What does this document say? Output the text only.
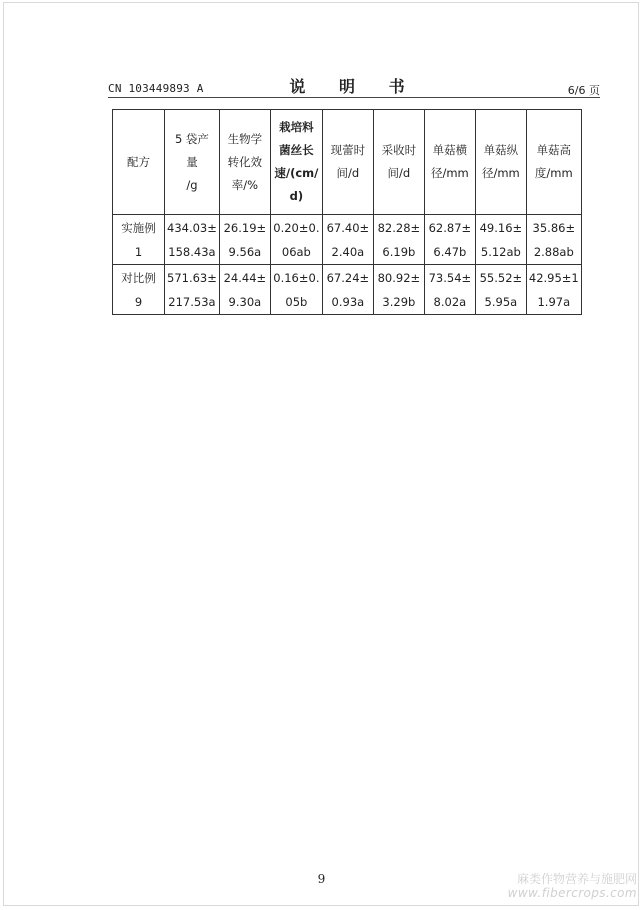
CN 103449893 A	说 明 书	6/6 页
配方	5 袋产
量
/g	生物学
转化效
率/%	栽培料
菌丝长
速/(cm/
d)	现蕾时
间/d	采收时
间/d	单菇横
径/mm	单菇纵
径/mm	单菇高
度/mm

实施例
1	434.03±
158.43a	26.19±
9.56a	0.20±0.
06ab	67.40±
2.40a	82.28±
6.19b	62.87±
6.47b	49.16±
5.12ab	35.86±
2.88ab

对比例
9	571.63±
217.53a	24.44±
9.30a	0.16±0.
05b	67.24±
0.93a	80.92±
3.29b	73.54±
8.02a	55.52±
5.95a	42.95±1
1.97a
9	麻类作物营养与施肥网
www.fibercrops.com
